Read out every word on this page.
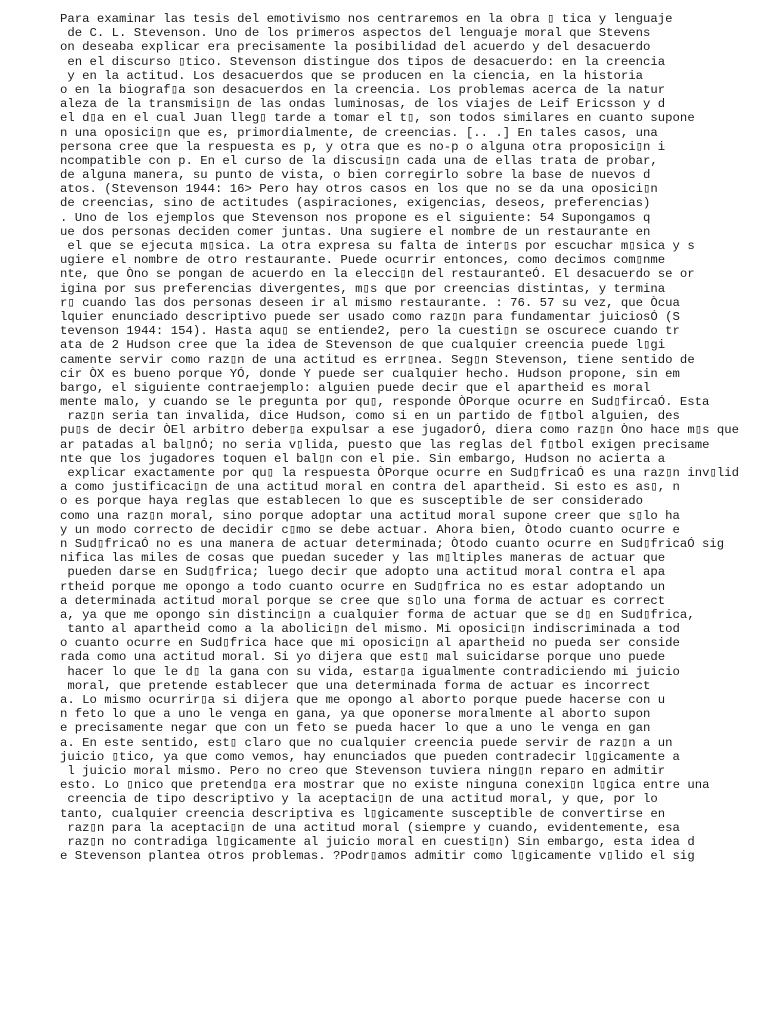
Para examinar las tesis del emotivismo nos centraremos en la obra ▯ tica y lenguaje
de C. L. Stevenson. Uno de los primeros aspectos del lenguaje moral que Stevens
on deseaba explicar era precisamente la posibilidad del acuerdo y del desacuerdo
en el discurso ▯tico. Stevenson distingue dos tipos de desacuerdo: en la creencia
y en la actitud. Los desacuerdos que se producen en la ciencia, en la historia
o en la biograf▯a son desacuerdos en la creencia. Los problemas acerca de la natur
aleza de la transmisi▯n de las ondas luminosas, de los viajes de Leif Ericsson y d
el d▯a en el cual Juan lleg▯ tarde a tomar el t▯, son todos similares en cuanto supone
n una oposici▯n que es, primordialmente, de creencias. [.. .] En tales casos, una
persona cree que la respuesta es p, y otra que es no-p o alguna otra proposici▯n i
ncompatible con p. En el curso de la discusi▯n cada una de ellas trata de probar,
de alguna manera, su punto de vista, o bien corregirlo sobre la base de nuevos d
atos. (Stevenson 1944: 16> Pero hay otros casos en los que no se da una oposici▯n
de creencias, sino de actitudes (aspiraciones, exigencias, deseos, preferencias)
. Uno de los ejemplos que Stevenson nos propone es el siguiente: 54 Supongamos q
ue dos personas deciden comer juntas. Una sugiere el nombre de un restaurante en
el que se ejecuta m▯sica. La otra expresa su falta de inter▯s por escuchar m▯sica y s
ugiere el nombre de otro restaurante. Puede ocurrir entonces, como decimos com▯nme
nte, que Òno se pongan de acuerdo en la elecci▯n del restauranteÓ. El desacuerdo se or
igina por sus preferencias divergentes, m▯s que por creencias distintas, y termina
r▯ cuando las dos personas deseen ir al mismo restaurante. : 76. 57 su vez, que Òcua
lquier enunciado descriptivo puede ser usado como raz▯n para fundamentar juiciosÓ (S
tevenson 1944: 154). Hasta aqu▯ se entiende2, pero la cuesti▯n se oscurece cuando tr
ata de 2 Hudson cree que la idea de Stevenson de que cualquier creencia puede l▯gi
camente servir como raz▯n de una actitud es err▯nea. Seg▯n Stevenson, tiene sentido de
cir ÒX es bueno porque YÓ, donde Y puede ser cualquier hecho. Hudson propone, sin em
bargo, el siguiente contraejemplo: alguien puede decir que el apartheid es moral
mente malo, y cuando se le pregunta por qu▯, responde ÒPorque ocurre en Sud▯fircaÓ. Esta
raz▯n seria tan invalida, dice Hudson, como si en un partido de f▯tbol alguien, des
pu▯s de decir ÒEl arbitro deber▯a expulsar a ese jugadorÓ, diera como raz▯n Òno hace m▯s que
ar patadas al bal▯nÓ; no seria v▯lida, puesto que las reglas del f▯tbol exigen precisame
nte que los jugadores toquen el bal▯n con el pie. Sin embargo, Hudson no acierta a
explicar exactamente por qu▯ la respuesta ÒPorque ocurre en Sud▯fricaÓ es una raz▯n inv▯lid
a como justificaci▯n de una actitud moral en contra del apartheid. Si esto es as▯, n
o es porque haya reglas que establecen lo que es susceptible de ser considerado
como una raz▯n moral, sino porque adoptar una actitud moral supone creer que s▯lo ha
y un modo correcto de decidir c▯mo se debe actuar. Ahora bien, Òtodo cuanto ocurre e
n Sud▯fricaÓ no es una manera de actuar determinada; Òtodo cuanto ocurre en Sud▯fricaÓ sig
nifica las miles de cosas que puedan suceder y las m▯ltiples maneras de actuar que
pueden darse en Sud▯frica; luego decir que adopto una actitud moral contra el apa
rtheid porque me opongo a todo cuanto ocurre en Sud▯frica no es estar adoptando un
a determinada actitud moral porque se cree que s▯lo una forma de actuar es correct
a, ya que me opongo sin distinci▯n a cualquier forma de actuar que se d▯ en Sud▯frica,
tanto al apartheid como a la abolici▯n del mismo. Mi oposici▯n indiscriminada a tod
o cuanto ocurre en Sud▯frica hace que mi oposici▯n al apartheid no pueda ser conside
rada como una actitud moral. Si yo dijera que est▯ mal suicidarse porque uno puede
hacer lo que le d▯ la gana con su vida, estar▯a igualmente contradiciendo mi juicio
moral, que pretende establecer que una determinada forma de actuar es incorrect
a. Lo mismo ocurrir▯a si dijera que me opongo al aborto porque puede hacerse con u
n feto lo que a uno le venga en gana, ya que oponerse moralmente al aborto supon
e precisamente negar que con un feto se pueda hacer lo que a uno le venga en gan
a. En este sentido, est▯ claro que no cualquier creencia puede servir de raz▯n a un
juicio ▯tico, ya que como vemos, hay enunciados que pueden contradecir l▯gicamente a
l juicio moral mismo. Pero no creo que Stevenson tuviera ning▯n reparo en admitir
esto. Lo ▯nico que pretend▯a era mostrar que no existe ninguna conexi▯n l▯gica entre una
creencia de tipo descriptivo y la aceptaci▯n de una actitud moral, y que, por lo
tanto, cualquier creencia descriptiva es l▯gicamente susceptible de convertirse en
raz▯n para la aceptaci▯n de una actitud moral (siempre y cuando, evidentemente, esa
raz▯n no contradiga l▯gicamente al juicio moral en cuesti▯n) Sin embargo, esta idea d
e Stevenson plantea otros problemas. ?Podr▯amos admitir como l▯gicamente v▯lido el sig
